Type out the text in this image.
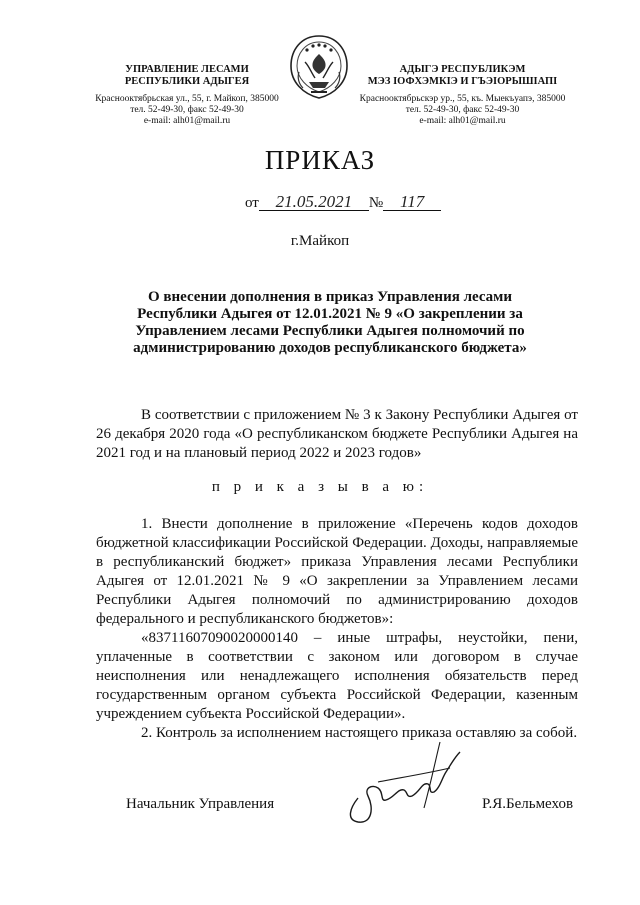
УПРАВЛЕНИЕ ЛЕСАМИ
РЕСПУБЛИКИ АДЫГЕЯ
Краснооктябрьская ул., 55, г. Майкоп, 385000
тел. 52-49-30, факс 52-49-30
e-mail: alh01@mail.ru
АДЫГЭ РЕСПУБЛИКЭМ
МЭЗ ІОФХЭМКІЭ И ГЪЭІОРЫШІАПІ
Краснооктябрьскэр ур., 55, къ. Мыекъуапэ, 385000
тел. 52-49-30, факс 52-49-30
e-mail: alh01@mail.ru
ПРИКАЗ
от 21.05.2021 № 117
г.Майкоп
О внесении дополнения в приказ Управления лесами Республики Адыгея от 12.01.2021 № 9 «О закреплении за Управлением лесами Республики Адыгея полномочий по администрированию доходов республиканского бюджета»

В соответствии с приложением № 3 к Закону Республики Адыгея от 26 декабря 2020 года «О республиканском бюджете Республики Адыгея на 2021 год и на плановый период 2022 и 2023 годов»

п р и к а з ы в а ю:

1. Внести дополнение в приложение «Перечень кодов доходов бюджетной классификации Российской Федерации. Доходы, направляемые в республиканский бюджет» приказа Управления лесами Республики Адыгея от 12.01.2021 № 9 «О закреплении за Управлением лесами Республики Адыгея полномочий по администрированию доходов федерального и республиканского бюджетов»:

«83711607090020000140 – иные штрафы, неустойки, пени, уплаченные в соответствии с законом или договором в случае неисполнения или ненадлежащего исполнения обязательств перед государственным органом субъекта Российской Федерации, казенным учреждением субъекта Российской Федерации».

2. Контроль за исполнением настоящего приказа оставляю за собой.

Начальник Управления	Р.Я.Бельмехов
